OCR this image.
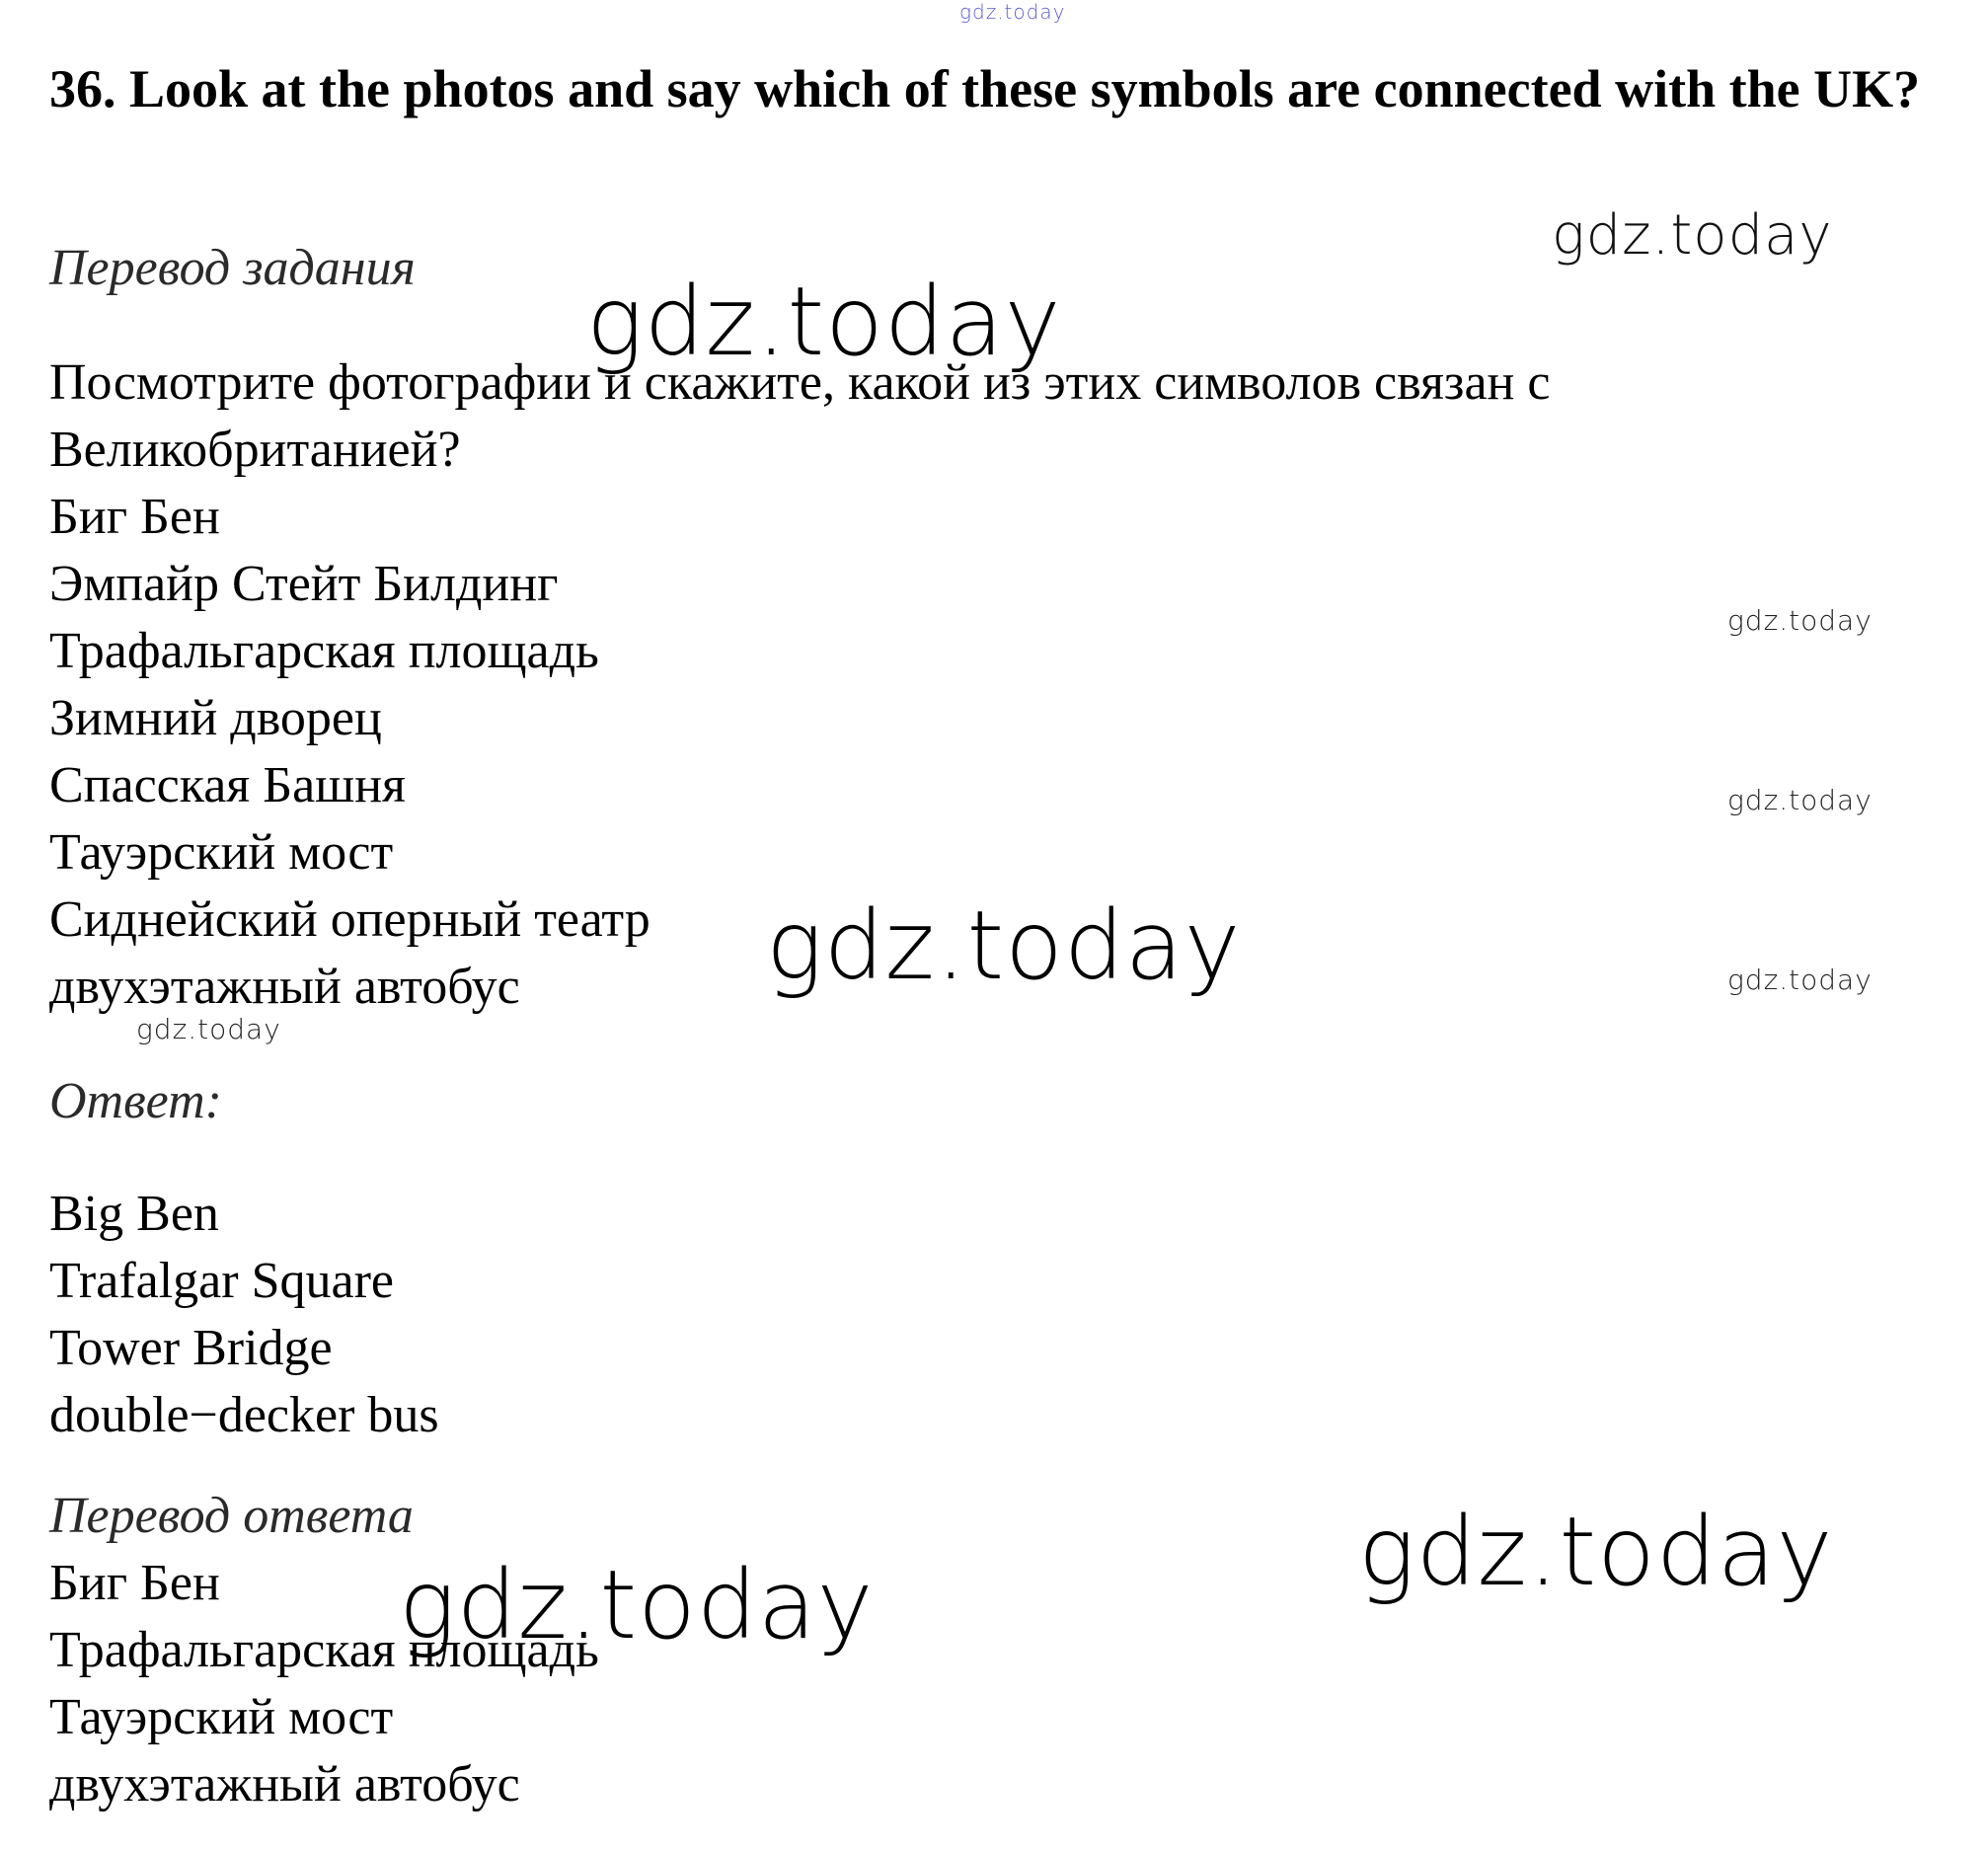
gdz.today
gdz.today
gdz.today
gdz.today
gdz.today
gdz.today	gdz.today
gdz.today
gdz.today
gdz.today
36. Look at the photos and say which of these symbols are connected with the UK?
Перевод задания
Посмотрите фотографии и скажите, какой из этих символов связан с
Великобританией?
Биг Бен
Эмпайр Стейт Билдинг
Трафальгарская площадь
Зимний дворец
Спасская Башня
Тауэрский мост
Сиднейский оперный театр
двухэтажный автобус
Ответ:
Big Ben
Trafalgar Square
Tower Bridge
double−decker bus
Перевод ответа
Биг Бен
Трафальгарская площадь
Тауэрский мост
двухэтажный автобус
